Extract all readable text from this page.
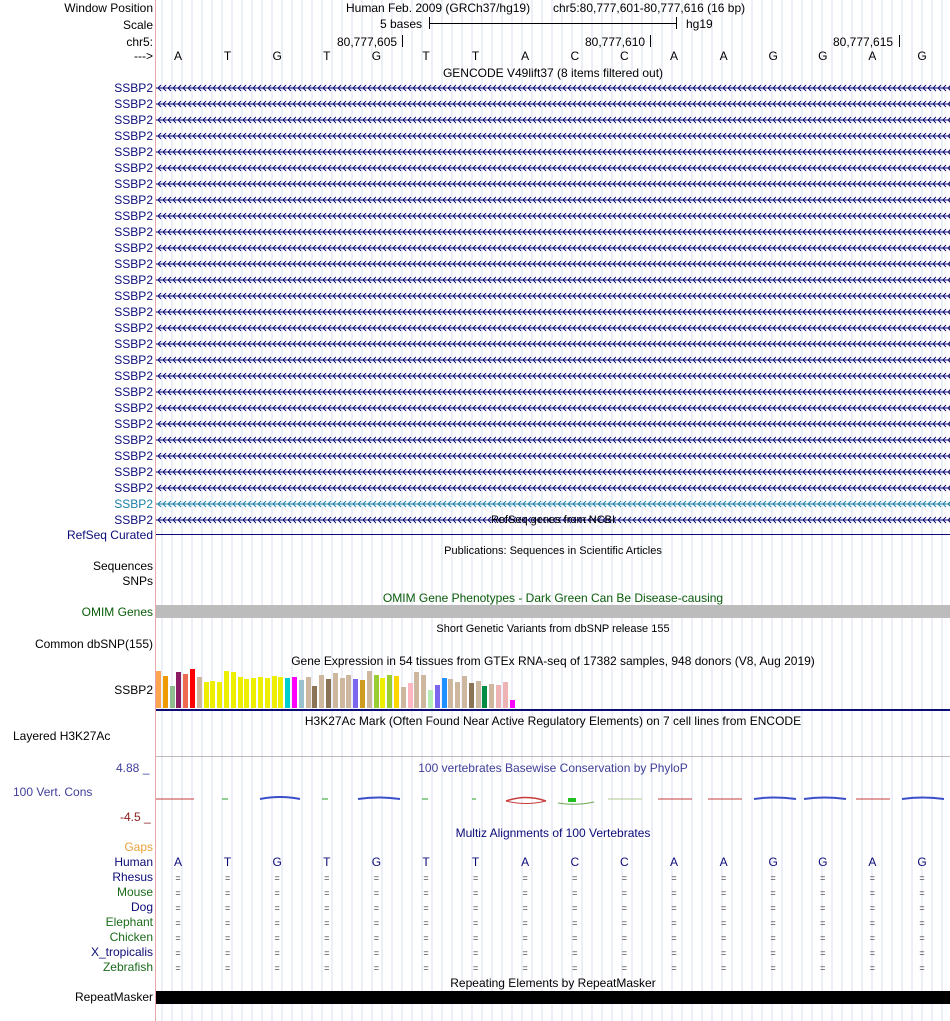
Window Position	Human Feb. 2009 (GRCh37/hg19) chr5:80,777,601-80,777,616 (16 bp)
Scale	5 bases	hg19
chr5:	80,777,605	80,777,610	80,777,615
--->	A	T	G	T	G	T	T	A	C	C	A	A	G	G	A	G
GENCODE V49lift37 (8 items filtered out)
SSBP2
SSBP2
SSBP2
SSBP2
SSBP2
SSBP2
SSBP2
SSBP2
SSBP2
SSBP2
SSBP2
SSBP2
SSBP2
SSBP2
SSBP2
SSBP2
SSBP2
SSBP2
SSBP2
SSBP2
SSBP2
SSBP2
SSBP2
SSBP2
SSBP2
SSBP2
SSBP2
SSBP2	RefSeq genes from NCBI
RefSeq Curated
Publications: Sequences in Scientific Articles
Sequences
SNPs
OMIM Gene Phenotypes - Dark Green Can Be Disease-causing
OMIM Genes
Short Genetic Variants from dbSNP release 155
Common dbSNP(155)
Gene Expression in 54 tissues from GTEx RNA-seq of 17382 samples, 948 donors (V8, Aug 2019)
SSBP2
H3K27Ac Mark (Often Found Near Active Regulatory Elements) on 7 cell lines from ENCODE
Layered H3K27Ac
4.88 _	100 vertebrates Basewise Conservation by PhyloP
100 Vert. Cons
-4.5 _
Multiz Alignments of 100 Vertebrates
Gaps
Human	A	T	G	T	G	T	T	A	C	C	A	A	G	G	A	G
Rhesus	=	=	=	=	=	=	=	=	=	=	=	=	=	=	=	=
Mouse	=	=	=	=	=	=	=	=	=	=	=	=	=	=	=	=
Dog	=	=	=	=	=	=	=	=	=	=	=	=	=	=	=	=
Elephant	=	=	=	=	=	=	=	=	=	=	=	=	=	=	=	=
Chicken	=	=	=	=	=	=	=	=	=	=	=	=	=	=	=	=
X_tropicalis	=	=	=	=	=	=	=	=	=	=	=	=	=	=	=	=
Zebrafish	=	=	=	=	=	=	=	=	=	=	=	=	=	=	=	=
Repeating Elements by RepeatMasker
RepeatMasker
